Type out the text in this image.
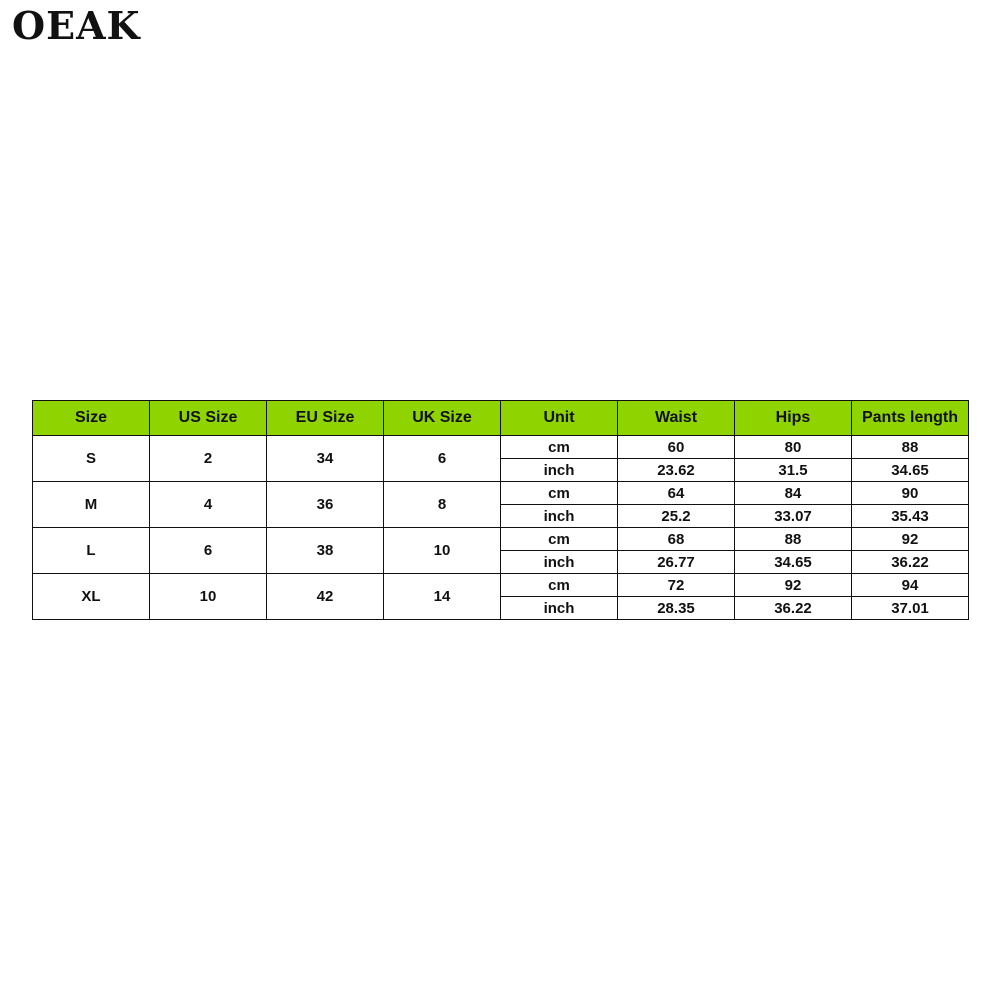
OEAK
Size	US Size	EU Size	UK Size	Unit	Waist	Hips	Pants length
S	2	34	6	cm	60	80	88
				inch	23.62	31.5	34.65
M	4	36	8	cm	64	84	90
				inch	25.2	33.07	35.43
L	6	38	10	cm	68	88	92
				inch	26.77	34.65	36.22
XL	10	42	14	cm	72	92	94
				inch	28.35	36.22	37.01
